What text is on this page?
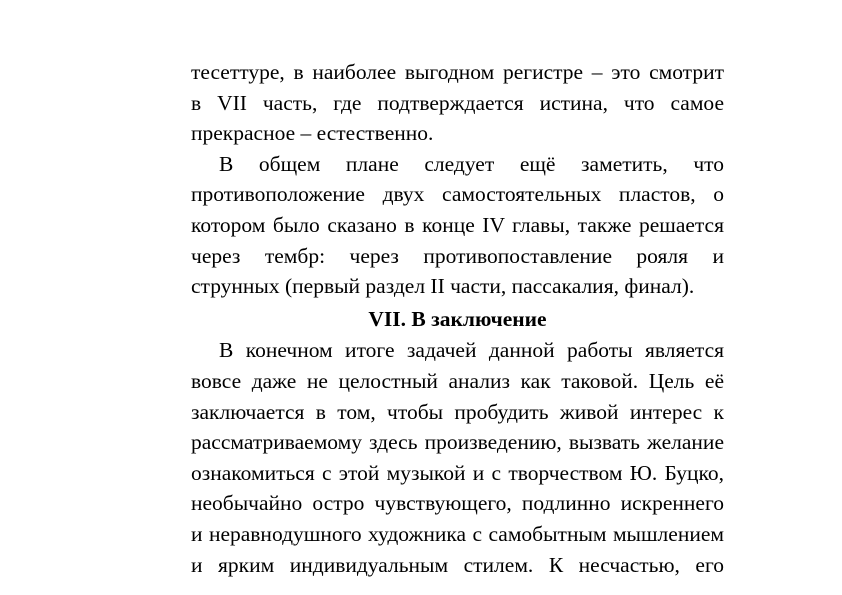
тесеттуре, в наиболее выгодном регистре – это смотрит
в VII часть, где подтверждается истина, что самое
прекрасное – естественно.
В общем плане следует ещё заметить, что
противоположение двух самостоятельных пластов, о
котором было сказано в конце IV главы, также решается
через тембр: через противопоставление рояля и
струнных (первый раздел II части, пассакалия, финал).
VII. В заключение
В конечном итоге задачей данной работы является
вовсе даже не целостный анализ как таковой. Цель её
заключается в том, чтобы пробудить живой интерес к
рассматриваемому здесь произведению, вызвать желание
ознакомиться с этой музыкой и с творчеством Ю. Буцко,
необычайно остро чувствующего, подлинно искреннего
и неравнодушного художника с самобытным мышлением
и ярким индивидуальным стилем. К несчастью, его
